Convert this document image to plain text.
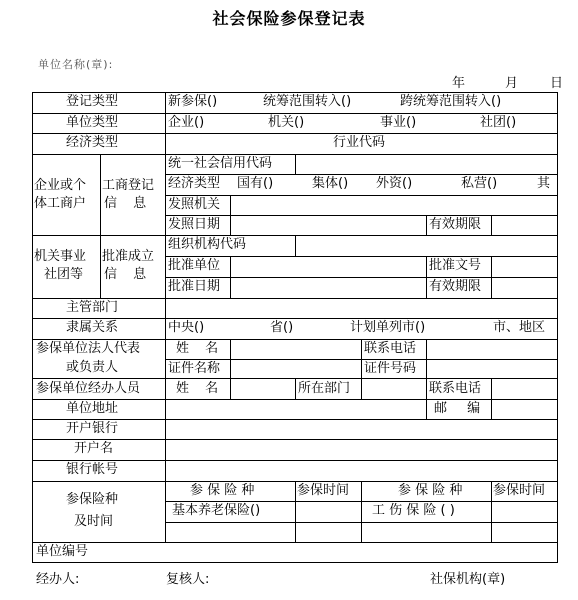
社会保险参保登记表
单位名称(章):
年	月 日
登记类型	新参保()	统筹范围转入()	跨统筹范围转入()
单位类型	企业()	机关()	事业()	社团()
经济类型	行业代码
企业或个
体工商户
工商登记
信 息
统一社会信用代码
经济类型 国有()	集体() 外资()	私营()	其
发照机关
发照日期	有效期限
机关事业
社团等
批准成立
信 息
组织机构代码
批准单位	批准文号
批准日期	有效期限
主管部门
隶属关系	中央()	省()	计划单列市()	市、地区
参保单位法人代表
或负责人
姓 名	联系电话
证件名称	证件号码
参保单位经办人员	姓 名	所在部门	联系电话
单位地址	邮 编
开户银行
开户名
银行帐号
参保险种
及时间
参 保 险 种	参保时间	参 保 险 种 参保时间
基本养老保险()	工 伤 保 险 ( )
单位编号
经办人:	复核人:	社保机构(章)
